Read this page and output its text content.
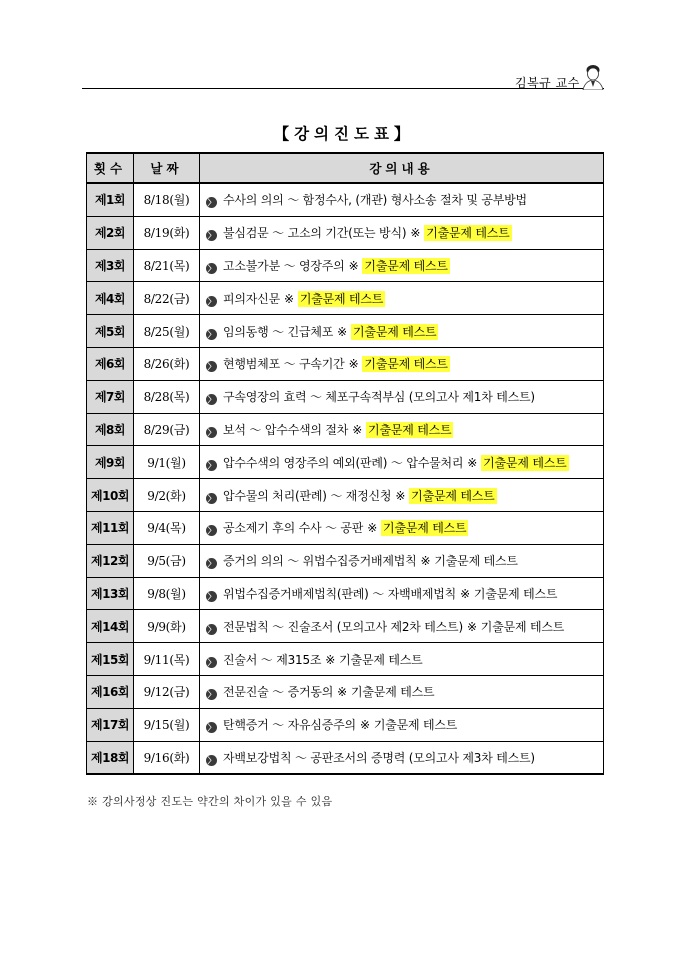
김복규 교수
【강의진도표】
횟수	날짜	강의내용
제1회	8/18(월)	〉 수사의 의의 ～ 함정수사, (개관) 형사소송 절차 및 공부방법
제2회	8/19(화)	〉 불심검문 ～ 고소의 기간(또는 방식) ※ 기출문제 테스트
제3회	8/21(목)	〉 고소불가분 ～ 영장주의 ※ 기출문제 테스트
제4회	8/22(금)	〉 피의자신문 ※ 기출문제 테스트
제5회	8/25(월)	〉 임의동행 ～ 긴급체포 ※ 기출문제 테스트
제6회	8/26(화)	〉 현행범체포 ～ 구속기간 ※ 기출문제 테스트
제7회	8/28(목)	〉 구속영장의 효력 ～ 체포구속적부심 (모의고사 제1차 테스트)
제8회	8/29(금)	〉 보석 ～ 압수수색의 절차 ※ 기출문제 테스트
제9회	9/1(월)	〉 압수수색의 영장주의 예외(판례) ～ 압수물처리 ※ 기출문제 테스트
제10회	9/2(화)	〉 압수물의 처리(판례) ～ 재정신청 ※ 기출문제 테스트
제11회	9/4(목)	〉 공소제기 후의 수사 ～ 공판 ※ 기출문제 테스트
제12회	9/5(금)	〉 증거의 의의 ～ 위법수집증거배제법칙 ※ 기출문제 테스트
제13회	9/8(월)	〉 위법수집증거배제법칙(판례) ～ 자백배제법칙 ※ 기출문제 테스트
제14회	9/9(화)	〉 전문법칙 ～ 진술조서 (모의고사 제2차 테스트) ※ 기출문제 테스트
제15회	9/11(목)	〉 진술서 ～ 제315조 ※ 기출문제 테스트
제16회	9/12(금)	〉 전문진술 ～ 증거동의 ※ 기출문제 테스트
제17회	9/15(월)	〉 탄핵증거 ～ 자유심증주의 ※ 기출문제 테스트
제18회	9/16(화)	〉 자백보강법칙 ～ 공판조서의 증명력 (모의고사 제3차 테스트)
※ 강의사정상 진도는 약간의 차이가 있을 수 있음
